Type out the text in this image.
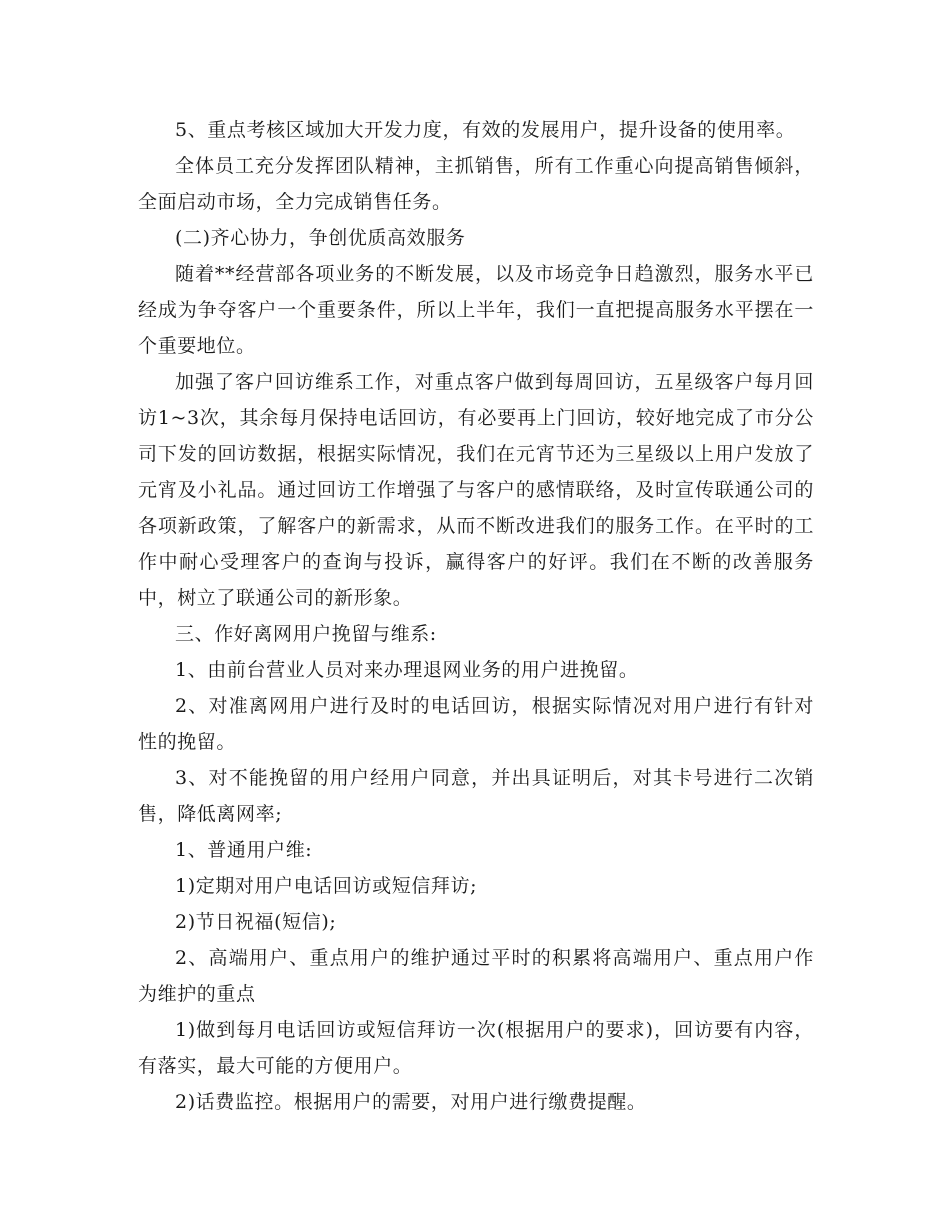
5、重点考核区域加大开发力度，有效的发展用户，提升设备的使用率。

全体员工充分发挥团队精神，主抓销售，所有工作重心向提高销售倾斜，全面启动市场，全力完成销售任务。

(二)齐心协力，争创优质高效服务

随着**经营部各项业务的不断发展，以及市场竞争日趋激烈，服务水平已经成为争夺客户一个重要条件，所以上半年，我们一直把提高服务水平摆在一个重要地位。

加强了客户回访维系工作，对重点客户做到每周回访，五星级客户每月回访1~3次，其余每月保持电话回访，有必要再上门回访，较好地完成了市分公司下发的回访数据，根据实际情况，我们在元宵节还为三星级以上用户发放了元宵及小礼品。通过回访工作增强了与客户的感情联络，及时宣传联通公司的各项新政策，了解客户的新需求，从而不断改进我们的服务工作。在平时的工作中耐心受理客户的查询与投诉，赢得客户的好评。我们在不断的改善服务中，树立了联通公司的新形象。

三、作好离网用户挽留与维系:

1、由前台营业人员对来办理退网业务的用户进挽留。

2、对准离网用户进行及时的电话回访，根据实际情况对用户进行有针对性的挽留。

3、对不能挽留的用户经用户同意，并出具证明后，对其卡号进行二次销售，降低离网率;

1、普通用户维:

1)定期对用户电话回访或短信拜访;

2)节日祝福(短信);

2、高端用户、重点用户的维护通过平时的积累将高端用户、重点用户作为维护的重点

1)做到每月电话回访或短信拜访一次(根据用户的要求)，回访要有内容，有落实，最大可能的方便用户。

2)话费监控。根据用户的需要，对用户进行缴费提醒。
